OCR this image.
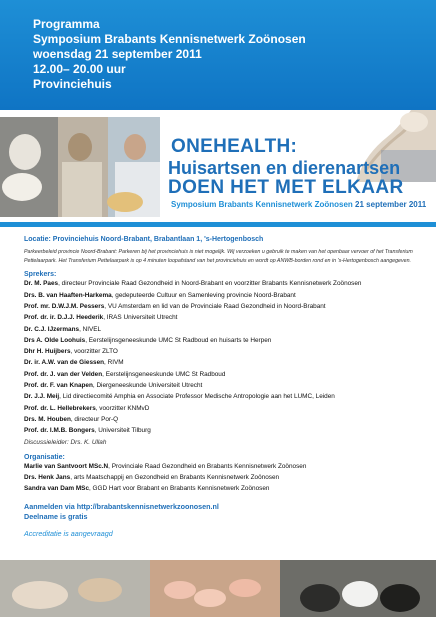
Programma
Symposium Brabants Kennisnetwerk Zoönosen
woensdag 21 september 2011
12.00– 20.00 uur
Provinciehuis
ONEHEALTH:
Huisartsen en dierenartsen
DOEN HET MET ELKAAR
Symposium Brabants Kennisnetwerk Zoönosen 21 september 2011
Locatie: Provinciehuis Noord-Brabant, Brabantlaan 1, 's-Hertogenbosch
Parkeerbeleid provincie Noord-Brabant: Parkeren bij het provinciehuis is niet mogelijk. Wij verzoeken u gebruik te maken van het openbaar vervoer of het Transferium Pettelaarpark. Het Transferium Pettelaarpark is op 4 minuten loopafstand van het provinciehuis en wordt op ANWB-borden rond en in 's-Hertogenbosch aangegeven.
Sprekers:
Dr. M. Paes, directeur Provinciale Raad Gezondheid in Noord-Brabant en voorzitter Brabants Kennisnetwerk Zoönosen
Drs. B. van Haaften-Harkema, gedeputeerde Cultuur en Samenleving provincie Noord-Brabant
Prof. mr. D.W.J.M. Pessers, VU Amsterdam en lid van de Provinciale Raad Gezondheid in Noord-Brabant
Prof. dr. ir. D.J.J. Heederik, IRAS Universiteit Utrecht
Dr. C.J. IJzermans, NIVEL
Drs A. Olde Loohuis, Eerstelijnsgeneeskunde UMC St Radboud en huisarts te Herpen
Dhr H. Huijbers, voorzitter ZLTO
Dr. ir. A.W. van de Giessen, RIVM
Prof. dr. J. van der Velden, Eerstelijnsgeneeskunde UMC St Radboud
Prof. dr. F. van Knapen, Diergeneeskunde Universiteit Utrecht
Dr. J.J. Meij, Lid directiecomité Amphia en Associate Professor Medische Antropologie aan het LUMC, Leiden
Prof. dr. L. Hellebrekers, voorzitter KNMvD
Drs. M. Houben, directeur Por-Q
Prof. dr. I.M.B. Bongers, Universiteit Tilburg
Discussieleider: Drs. K. Ullah
Organisatie:
Marlie van Santvoort MSc.N, Provinciale Raad Gezondheid en Brabants Kennisnetwerk Zoönosen
Drs. Henk Jans, arts Maatschappij en Gezondheid en Brabants Kennisnetwerk Zoönosen
Sandra van Dam MSc, GGD Hart voor Brabant en Brabants Kennisnetwerk Zoönosen
Aanmelden via http://brabantskennisnetwerkzoonosen.nl
Deelname is gratis
Accreditatie is aangevraagd
